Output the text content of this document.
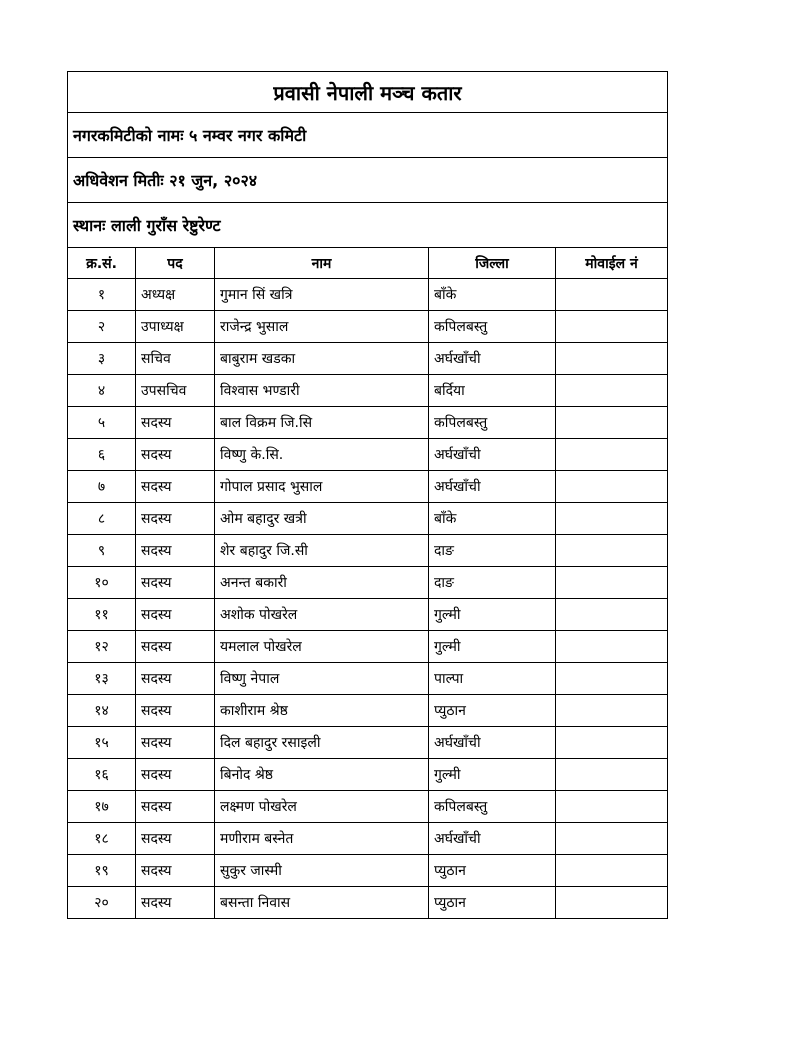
प्रवासी नेपाली मञ्च कतार				
नगरकमिटीको नामः ५ नम्वर नगर कमिटी				
अधिवेशन मितीः २१ जुन, २०२४				
स्थानः लाली गुराँस रेष्टुरेण्ट				
क्र.सं.	पद	नाम	जिल्ला	मोवाईल नं
१	अध्यक्ष	गुमान सिं खत्रि	बाँके	
२	उपाध्यक्ष	राजेन्द्र भुसाल	कपिलबस्तु	
३	सचिव	बाबुराम खडका	अर्घखाँची	
४	उपसचिव	विश्वास भण्डारी	बर्दिया	
५	सदस्य	बाल विक्रम जि.सि	कपिलबस्तु	
६	सदस्य	विष्णु के.सि.	अर्घखाँची	
७	सदस्य	गोपाल प्रसाद भुसाल	अर्घखाँची	
८	सदस्य	ओम बहादुर खत्री	बाँके	
९	सदस्य	शेर बहादुर जि.सी	दाङ	
१०	सदस्य	अनन्त बकारी	दाङ	
११	सदस्य	अशोक पोखरेल	गुल्मी	
१२	सदस्य	यमलाल पोखरेल	गुल्मी	
१३	सदस्य	विष्णु नेपाल	पाल्पा	
१४	सदस्य	काशीराम श्रेष्ठ	प्युठान	
१५	सदस्य	दिल बहादुर रसाइली	अर्घखाँची	
१६	सदस्य	बिनोद श्रेष्ठ	गुल्मी	
१७	सदस्य	लक्ष्मण पोखरेल	कपिलबस्तु	
१८	सदस्य	मणीराम बस्नेत	अर्घखाँची	
१९	सदस्य	सुकुर जास्मी	प्युठान	
२०	सदस्य	बसन्ता निवास	प्युठान	
